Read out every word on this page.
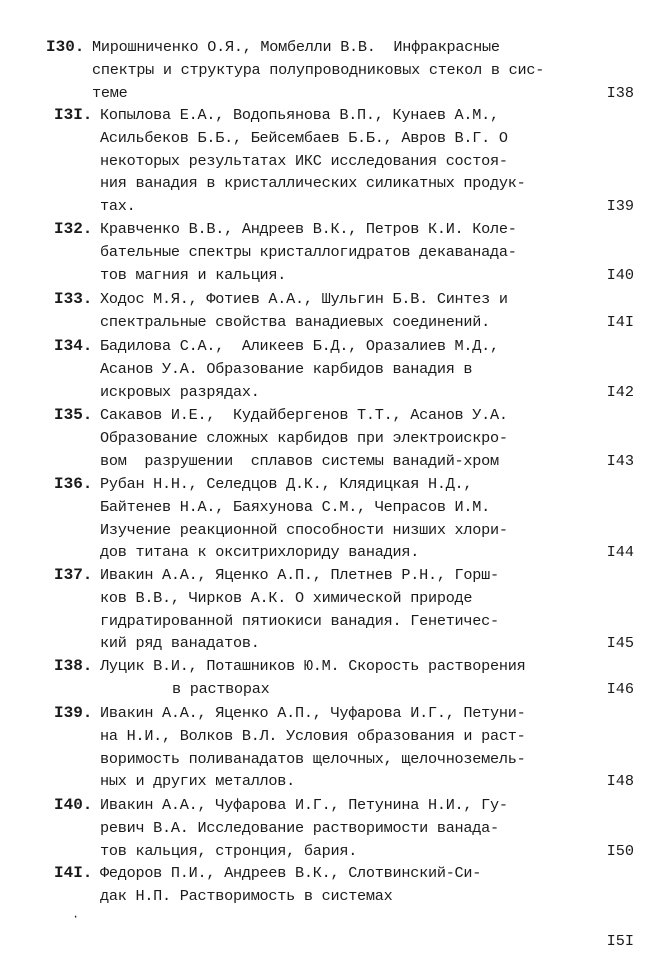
I30. Мирошниченко О.Я., Момбелли В.В.  Инфракрасные
спектры и структура полупроводниковых стекол в сис-
теме	I38
I3I. Копылова Е.А., Водопьянова В.П., Кунаев А.М.,
Асильбеков Б.Б., Бейсембаев Б.Б., Авров В.Г. О
некоторых результатах ИКС исследования состоя-
ния ванадия в кристаллических силикатных продук-
тах.	I39
I32. Кравченко В.В., Андреев В.К., Петров К.И. Коле-
бательные спектры кристаллогидратов декаванада-
тов магния и кальция.	I40
I33. Ходос М.Я., Фотиев А.А., Шульгин Б.В. Синтез и
спектральные свойства ванадиевых соединений.	I4I
I34. Бадилова С.А.,  Аликеев Б.Д., Оразалиев М.Д.,
Асанов У.А. Образование карбидов ванадия в
искровых разрядах.	I42
I35. Сакавов И.Е.,  Кудайбергенов Т.Т., Асанов У.А.
Образование сложных карбидов при электроискро-
вом  разрушении  сплавов системы ванадий-хром	I43
I36. Рубан Н.Н., Селедцов Д.К., Клядицкая Н.Д.,
Байтенев Н.А., Баяхунова С.М., Чепрасов И.М.
Изучение реакционной способности низших хлори-
дов титана к окситрихлориду ванадия.	I44
I37. Ивакин А.А., Яценко А.П., Плетнев Р.Н., Горш-
ков В.В., Чирков А.К. О химической природе
гидратированной пятиокиси ванадия. Генетичес-
кий ряд ванадатов.	I45
I38. Луцик В.И., Поташников Ю.М. Скорость растворения
в растворах	I46
I39. Ивакин А.А., Яценко А.П., Чуфарова И.Г., Петуни-
на Н.И., Волков В.Л. Условия образования и раст-
воримость поливанадатов щелочных, щелочноземель-
ных и других металлов.	I48
I40. Ивакин А.А., Чуфарова И.Г., Петунина Н.И., Гу-
ревич В.А. Исследование растворимости ванада-
тов кальция, стронция, бария.	I50
I4I. Федоров П.И., Андреев В.К., Слотвинский-Си-
дак Н.П. Растворимость в системах
I5I
·
